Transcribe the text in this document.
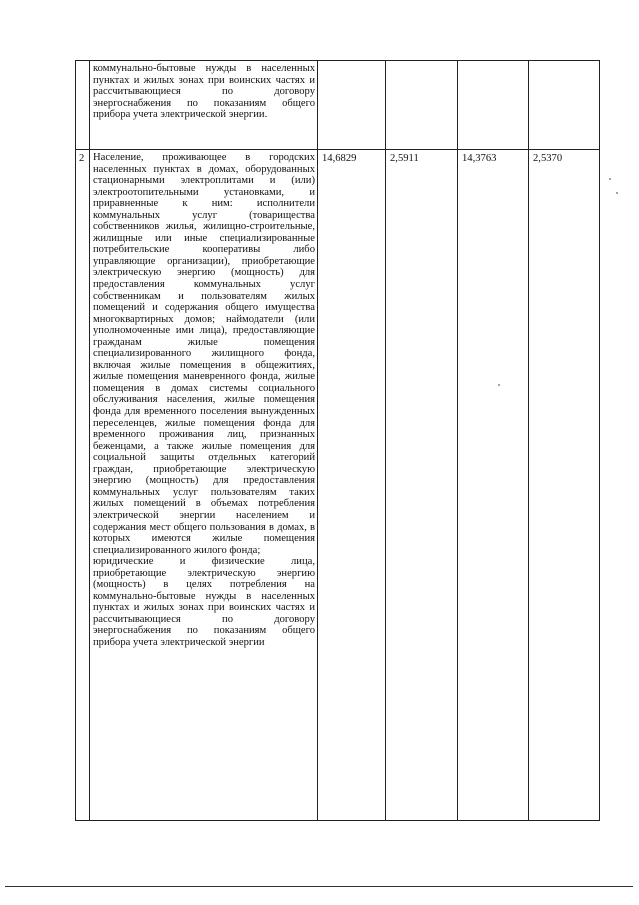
	коммунально-бытовые нужды в населенных пунктах и жилых зонах при воинских частях и рассчитывающиеся по договору энергоснабжения по показаниям общего прибора учета электрической энергии.				

2	Население, проживающее в городских населенных пунктах в домах, оборудованных стационарными электроплитами и (или) электроотопительными установками, и приравненные к ним: исполнители коммунальных услуг (товарищества собственников жилья, жилищно-строительные, жилищные или иные специализированные потребительские кооперативы либо управляющие организации), приобретающие электрическую энергию (мощность) для предоставления коммунальных услуг собственникам и пользователям жилых помещений и содержания общего имущества многоквартирных домов; наймодатели (или уполномоченные ими лица), предоставляющие гражданам жилые помещения специализированного жилищного фонда, включая жилые помещения в общежитиях, жилые помещения маневренного фонда, жилые помещения в домах системы социального обслуживания населения, жилые помещения фонда для временного поселения вынужденных переселенцев, жилые помещения фонда для временного проживания лиц, признанных беженцами, а также жилые помещения для социальной защиты отдельных категорий граждан, приобретающие электрическую энергию (мощность) для предоставления коммунальных услуг пользователям таких жилых помещений в объемах потребления электрической энергии населением и содержания мест общего пользования в домах, в которых имеются жилые помещения специализированного жилого фонда;
юридические и физические лица, приобретающие электрическую энергию (мощность) в целях потребления на коммунально-бытовые нужды в населенных пунктах и жилых зонах при воинских частях и рассчитывающиеся по договору энергоснабжения по показаниям общего прибора учета электрической энергии	14,6829	2,5911	14,3763	2,5370
